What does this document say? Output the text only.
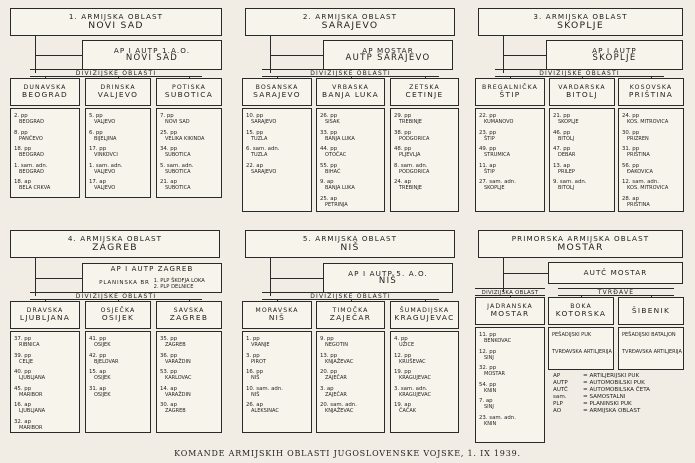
1. ARMIJSKA OBLAST
NOVI SAD
AP I AUTP 1.A.O.
NOVI SAD
DIVIZIJSKE OBLASTI
DUNAVSKA
BEOGRAD
2. pp
BEOGRAD
8. pp
PANČEVO
18. pp
BEOGRAD
1. sam. adn.
BEOGRAD
18. ap
BELA CRKVA
DRINSKA
VALJEVO
5. pp
VALJEVO
6. pp
BIJELJINA
17. pp
VINKOVCI
1. sam. adn.
VALJEVO
17. ap
VALJEVO
POTISKA
SUBOTICA
7. pp
NOVI SAD
25. pp
VELIKA KIKINDA
34. pp
SUBOTICA
5. sam. adn.
SUBOTICA
21. ap
SUBOTICA
2. ARMIJSKA OBLAST
SARAJEVO
AP MOSTAR
AUTP SARAJEVO
DIVIZIJSKE OBLASTI
BOSANSKA
SARAJEVO
10. pp
SARAJEVO
15. pp
TUZLA
6. sam. adn.
TUZLA
22. ap
SARAJEVO
VRBASKA
BANJA LUKA
26. pp
SISAK
33. pp
BANJA LUKA
44. pp
OTOČAC
55. pp
BIHAĆ
9. ap
BANJA LUKA
25. ap
PETRINJA
ZETSKA
CETINJE
29. pp
TREBINJE
38. pp
PODGORICA
48. pp
PLJEVLJA
8. sam. adn.
PODGORICA
24. ap
TREBINJE
3. ARMIJSKA OBLAST
SKOPLJE
AP I AUTP
SKOPLJE
DIVIZIJSKE OBLASTI
BREGALNIČKA
ŠTIP
22. pp
KUMANOVO
23. pp
ŠTIP
49. pp
STRUMICA
11. ap
ŠTIP
27. sam. adn.
SKOPLJE
VARDARSKA
BITOLJ
21. pp
SKOPLJE
46. pp
BITOLJ
47. pp
DEBAR
13. ap
PRILEP
9. sam. adn.
BITOLJ
KOSOVSKA
PRIŠTINA
24. pp
KOS. MITROVICA
30. pp
PRIZREN
31. pp
PRIŠTINA
56. pp
ĐAKOVICA
12. sam. adn.
KOS. MITROVICA
28. ap
PRIŠTINA
4. ARMIJSKA OBLAST
ZAGREB
AP I AUTP ZAGREB
PLANINSKA BR 1. PLP ŠKOFJA LOKA
2. PLP DELNICE
DIVIZIJSKE OBLASTI
DRAVSKA
LJUBLJANA
37. pp
RIBNICA
39. pp
CELJE
40. pp
LJUBLJANA
45. pp
MARIBOR
16. ap
LJUBLJANA
32. ap
MARIBOR
OSJEČKA
OSIJEK
41. pp
OSIJEK
42. pp
BJELOVAR
15. ap
OSIJEK
31. ap
OSIJEK
SAVSKA
ZAGREB
35. pp
ZAGREB
36. pp
VARAŽDIN
53. pp
KARLOVAC
14. ap
VARAŽDIN
30. ap
ZAGREB
5. ARMIJSKA OBLAST
NIŠ
AP I AUTP 5. A.O.
NIŠ
DIVIZIJSKE OBLASTI
MORAVSKA
NIŠ
1. pp
VRANJE
3. pp
PIROT
16. pp
NIŠ
10. sam. adn.
NIŠ
26. ap
ALEKSINAC
TIMOČKA
ZAJEČAR
9. pp
NEGOTIN
13. pp
KNJAŽEVAC
20. pp
ZAJEČAR
3. ap
ZAJEČAR
20. sam. adn.
KNJAŽEVAC
ŠUMADIJSKA
KRAGUJEVAC
4. pp
UŽICE
12. pp
KRUŠEVAC
19. pp
KRAGUJEVAC
3. sam. adn.
KRAGUJEVAC
19. ap
ČAČAK
PRIMORSKA ARMIJSKA OBLAST
MOSTAR
AUTČ MOSTAR
DIVIZIJSKA OBLAST	TVRĐAVE
JADRANSKA
MOSTAR
11. pp
BENKOVAC
12. pp
SINJ
32. pp
MOSTAR
54. pp
KNIN
7. ap
SINJ
23. sam. adn.
KNIN
BOKA
KOTORSKA
PEŠADIJSKI PUK
TVRĐAVSKA ARTILJERIJA
ŠIBENIK
PEŠADIJSKI BATALJON
TVRĐAVSKA ARTILJERIJA
AP	= ARTILJERIJSKI PUK
AUTP	= AUTOMOBILSKI PUK
AUTČ	= AUTOMOBILSKA ČETA
sam.	= SAMOSTALNI
PLP	= PLANINSKI PUK
AO	= ARMIJSKA OBLAST
KOMANDE ARMIJSKIH OBLASTI JUGOSLOVENSKE VOJSKE, 1. IX 1939.
